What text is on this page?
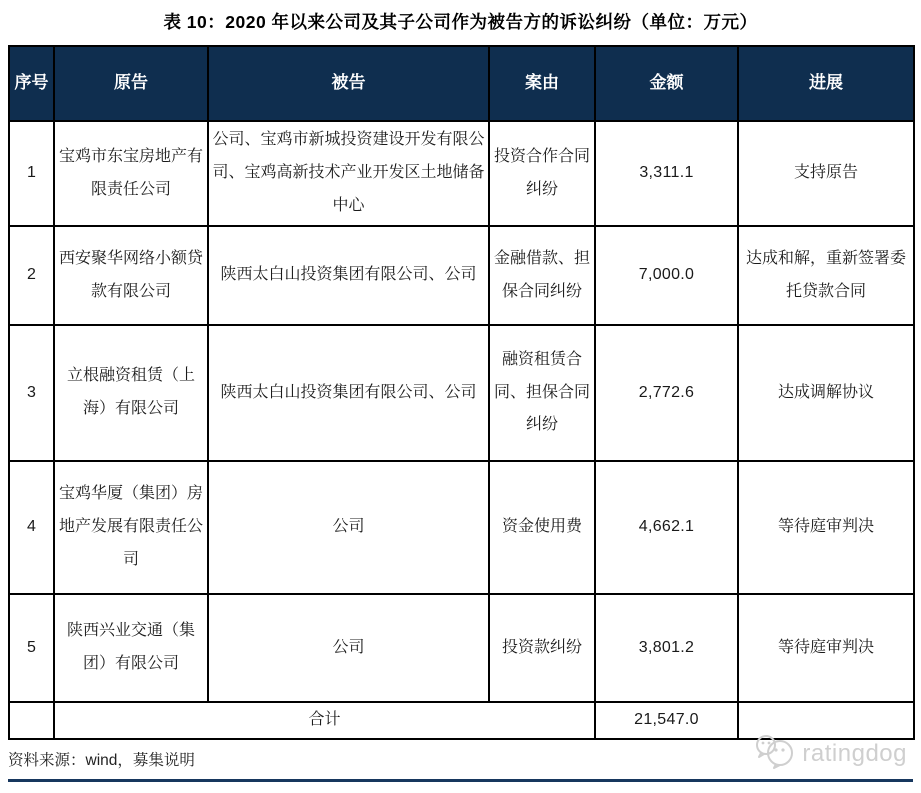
表 10：2020 年以来公司及其子公司作为被告方的诉讼纠纷（单位：万元）
序号	原告	被告	案由	金额	进展
1	宝鸡市东宝房地产有限责任公司	公司、宝鸡市新城投资建设开发有限公司、宝鸡高新技术产业开发区土地储备中心	投资合作合同纠纷	3,311.1	支持原告
2	西安聚华网络小额贷款有限公司	陕西太白山投资集团有限公司、公司	金融借款、担保合同纠纷	7,000.0	达成和解，重新签署委托贷款合同
3	立根融资租赁（上海）有限公司	陕西太白山投资集团有限公司、公司	融资租赁合同、担保合同纠纷	2,772.6	达成调解协议
4	宝鸡华厦（集团）房地产发展有限责任公司	公司	资金使用费	4,662.1	等待庭审判决
5	陕西兴业交通（集团）有限公司	公司	投资款纠纷	3,801.2	等待庭审判决
	合计			21,547.0	
资料来源：wind，募集说明	ratingdog
